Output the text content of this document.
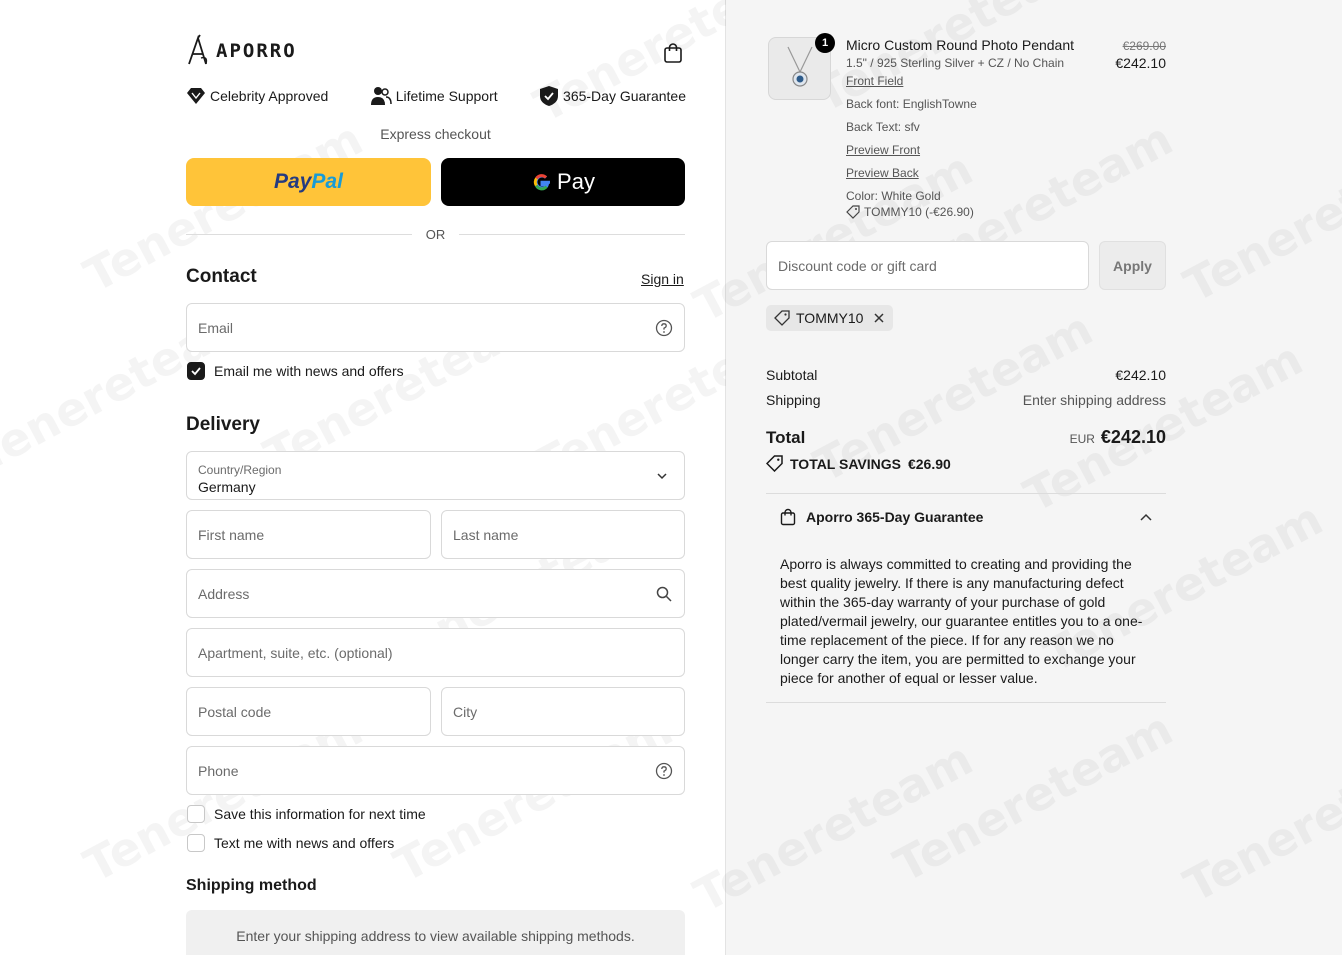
APORRO
Celebrity Approved	Lifetime Support	365-Day Guarantee
Express checkout
Pay Pal	Pay
OR
Contact	Sign in
Email
Email me with news and offers
Delivery
Country/Region
Germany
First name	Last name
Address
Apartment, suite, etc. (optional)
Postal code	City
Phone
Save this information for next time
Text me with news and offers
Shipping method
Enter your shipping address to view available shipping methods.
1	Micro Custom Round Photo Pendant
1.5" / 925 Sterling Silver + CZ / No Chain
Front Field
Back font: EnglishTowne
Back Text: sfv
Preview Front
Preview Back
Color: White Gold
TOMMY10 (-€26.90)
€269.00
€242.10
Discount code or gift card	Apply
TOMMY10
Subtotal	€242.10
Shipping	Enter shipping address
Total	EUR €242.10
TOTAL SAVINGS €26.90
Aporro 365-Day Guarantee
Aporro is always committed to creating and providing the best quality jewelry. If there is any manufacturing defect within the 365-day warranty of your purchase of gold plated/vermail jewelry, our guarantee entitles you to a one-time replacement of the piece. If for any reason we no longer carry the item, you are permitted to exchange your piece for another of equal or lesser value.
